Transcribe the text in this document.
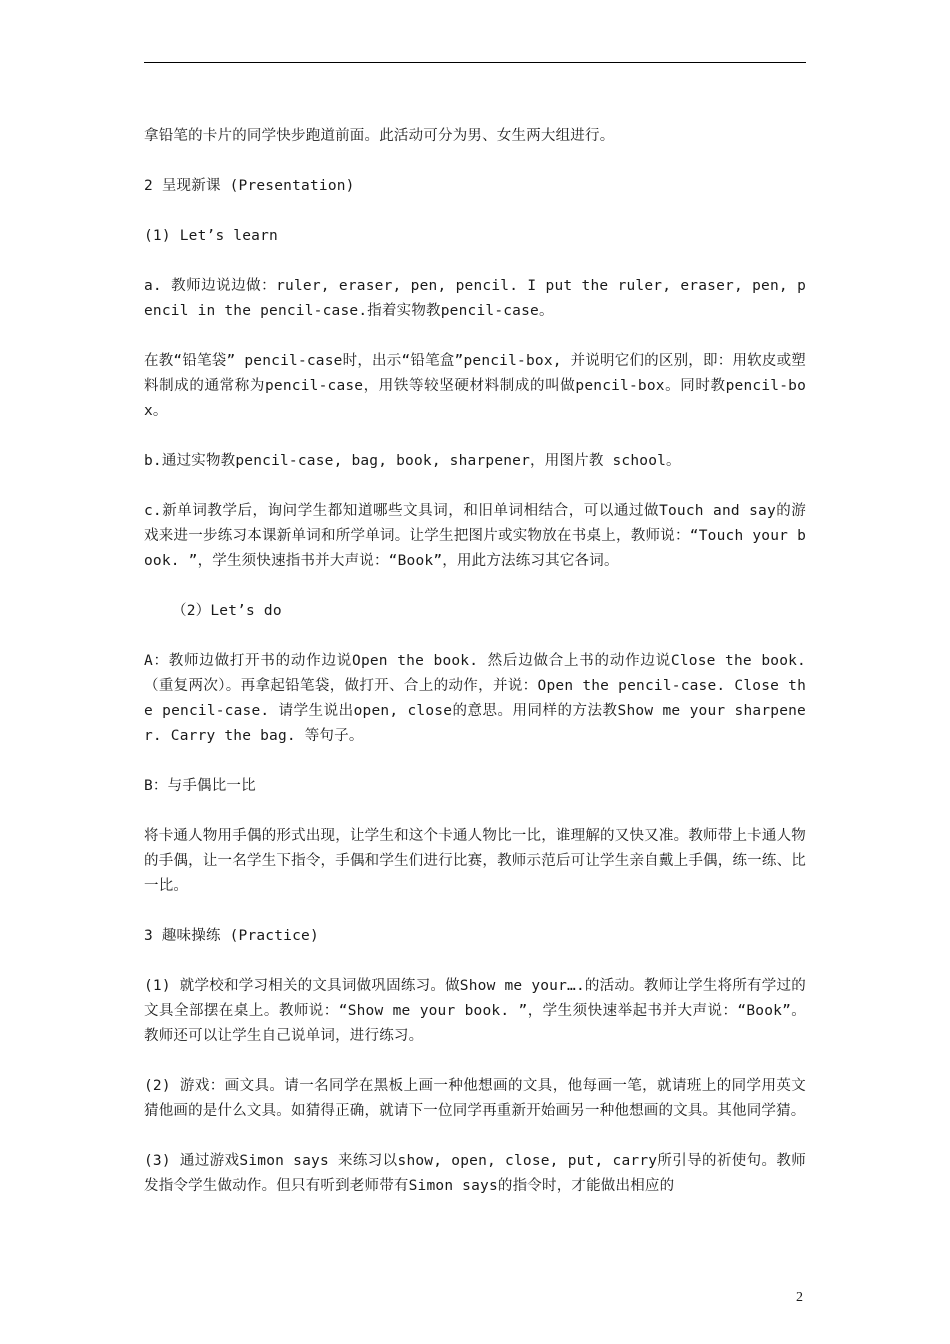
拿铅笔的卡片的同学快步跑道前面。此活动可分为男、女生两大组进行。

2 呈现新课 (Presentation)

(1) Let’s learn

a. 教师边说边做：ruler, eraser, pen, pencil. I put the ruler, eraser, pen, pencil in the pencil-case.指着实物教pencil-case。

在教“铅笔袋” pencil-case时，出示“铅笔盒”pencil-box, 并说明它们的区别，即：用软皮或塑料制成的通常称为pencil-case，用铁等较坚硬材料制成的叫做pencil-box。同时教pencil-box。

b.通过实物教pencil-case, bag, book, sharpener，用图片教 school。

c.新单词教学后，询问学生都知道哪些文具词，和旧单词相结合，可以通过做Touch and say的游戏来进一步练习本课新单词和所学单词。让学生把图片或实物放在书桌上，教师说：“Touch your book. ”，学生须快速指书并大声说：“Book”，用此方法练习其它各词。

（2）Let’s do

A：教师边做打开书的动作边说Open the book. 然后边做合上书的动作边说Close the book. （重复两次）。再拿起铅笔袋，做打开、合上的动作，并说：Open the pencil-case. Close the pencil-case. 请学生说出open, close的意思。用同样的方法教Show me your sharpener. Carry the bag. 等句子。

B：与手偶比一比

将卡通人物用手偶的形式出现，让学生和这个卡通人物比一比，谁理解的又快又准。教师带上卡通人物的手偶，让一名学生下指令，手偶和学生们进行比赛，教师示范后可让学生亲自戴上手偶，练一练、比一比。

3 趣味操练 (Practice)

(1) 就学校和学习相关的文具词做巩固练习。做Show me your….的活动。教师让学生将所有学过的文具全部摆在桌上。教师说：“Show me your book. ”，学生须快速举起书并大声说：“Book”。教师还可以让学生自己说单词，进行练习。

(2) 游戏：画文具。请一名同学在黑板上画一种他想画的文具，他每画一笔，就请班上的同学用英文猜他画的是什么文具。如猜得正确，就请下一位同学再重新开始画另一种他想画的文具。其他同学猜。

(3) 通过游戏Simon says 来练习以show, open, close, put, carry所引导的祈使句。教师发指令学生做动作。但只有听到老师带有Simon says的指令时，才能做出相应的

2
